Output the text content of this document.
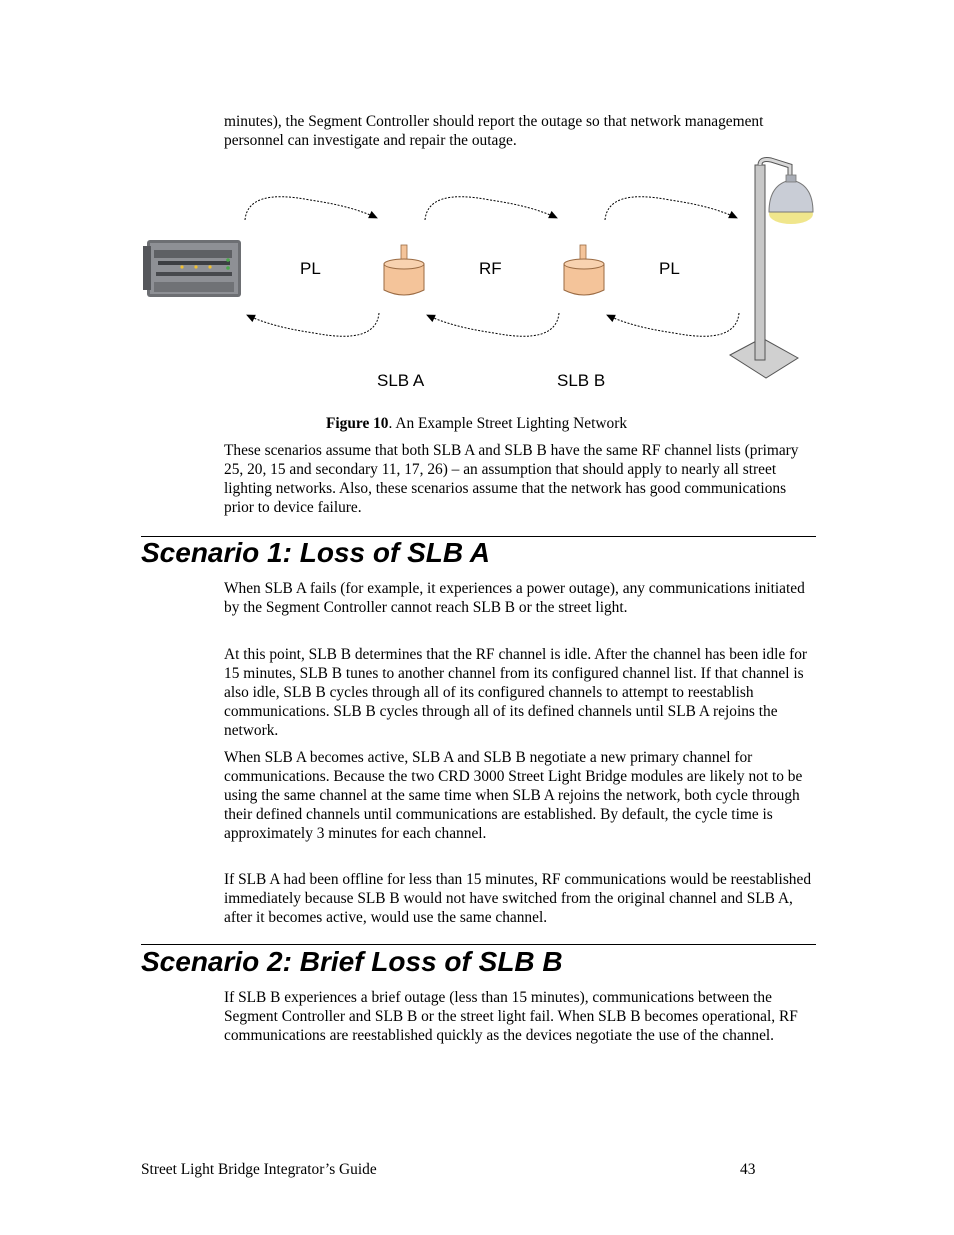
minutes), the Segment Controller should report the outage so that network management personnel can investigate and repair the outage.

PL	RF	PL
SLB A	SLB B
Figure 10. An Example Street Lighting Network

These scenarios assume that both SLB A and SLB B have the same RF channel lists (primary 25, 20, 15 and secondary 11, 17, 26) – an assumption that should apply to nearly all street lighting networks. Also, these scenarios assume that the network has good communications prior to device failure.

Scenario 1: Loss of SLB A

When SLB A fails (for example, it experiences a power outage), any communications initiated by the Segment Controller cannot reach SLB B or the street light.

At this point, SLB B determines that the RF channel is idle. After the channel has been idle for 15 minutes, SLB B tunes to another channel from its configured channel list. If that channel is also idle, SLB B cycles through all of its configured channels to attempt to reestablish communications. SLB B cycles through all of its defined channels until SLB A rejoins the network.

When SLB A becomes active, SLB A and SLB B negotiate a new primary channel for communications. Because the two CRD 3000 Street Light Bridge modules are likely not to be using the same channel at the same time when SLB A rejoins the network, both cycle through their defined channels until communications are established. By default, the cycle time is approximately 3 minutes for each channel.

If SLB A had been offline for less than 15 minutes, RF communications would be reestablished immediately because SLB B would not have switched from the original channel and SLB A, after it becomes active, would use the same channel.

Scenario 2: Brief Loss of SLB B

If SLB B experiences a brief outage (less than 15 minutes), communications between the Segment Controller and SLB B or the street light fail. When SLB B becomes operational, RF communications are reestablished quickly as the devices negotiate the use of the channel.

Street Light Bridge Integrator’s Guide	43
